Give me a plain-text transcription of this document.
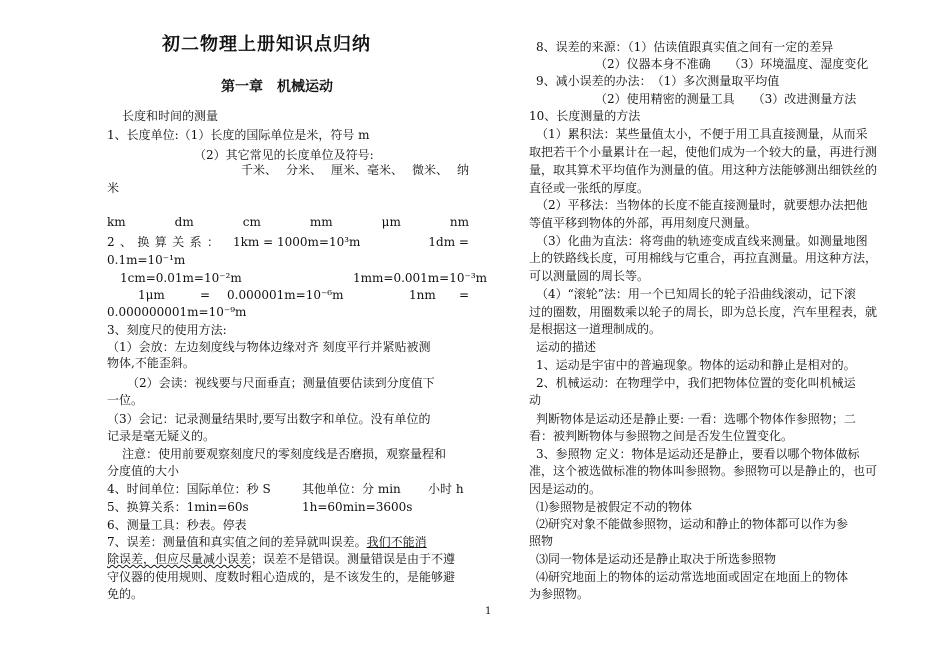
初二物理上册知识点归纳
第一章　机械运动
长度和时间的测量
1、长度单位:（1）长度的国际单位是米，符号 m
（2）其它常见的长度单位及符号:
千米、 分米、 厘米、毫米、 微米、 纳
米
km	dm	cm	mm	μm	nm
2 、 换 算 关 系 ： 1km = 1000m=10³m	1dm =
0.1m=10⁻¹m
1cm=0.01m=10⁻²m	1mm=0.001m=10⁻³m
1μm	= 0.000001m=10⁻⁶m	1nm =
0.000000001m=10⁻⁹m
3、刻度尺的使用方法:
（1）会放：左边刻度线与物体边缘对齐 刻度平行并紧贴被测
物体,不能歪斜。
（2）会读：视线要与尺面垂直；测量值要估读到分度值下
一位。
（3）会记：记录测量结果时,要写出数字和单位。没有单位的
记录是毫无疑义的。
注意：使用前要观察刻度尺的零刻度线是否磨损，观察量程和
分度值的大小
4、时间单位：国际单位：秒 S	其他单位：分 min 小时 h
5、换算关系：1min=60s	1h=60min=3600s
6、测量工具：秒表。停表
7、误差：测量值和真实值之间的差异就叫误差。我们不能消
除误差，但应尽量减小误差；误差不是错误。测量错误是由于不遵
守仪器的使用规则、度数时粗心造成的，是不该发生的，是能够避
免的。
8、误差的来源：（1）估读值跟真实值之间有一定的差异
（2）仪器本身不准确　　（3）环境温度、湿度变化
9、减小误差的办法：　（1）多次测量取平均值
（2）使用精密的测量工具　　（3）改进测量方法
10、长度测量的方法
（1）累积法：某些量值太小，不便于用工具直接测量，从而采
取把若干个小量累计在一起，使他们成为一个较大的量，再进行测
量，取其算术平均值作为测量的值。用这种方法能够测出细铁丝的
直径或一张纸的厚度。
（2）平移法：当物体的长度不能直接测量时，就要想办法把他
等值平移到物体的外部，再用刻度尺测量。
（3）化曲为直法：将弯曲的轨迹变成直线来测量。如测量地图
上的铁路线长度，可用棉线与它重合，再拉直测量。用这种方法，
可以测量圆的周长等。
（4）“滚轮”法：用一个已知周长的轮子沿曲线滚动，记下滚
过的圈数，用圈数乘以轮子的周长，即为总长度，汽车里程表，就
是根据这一道理制成的。
运动的描述
1、运动是宇宙中的普遍现象。物体的运动和静止是相对的。
2、机械运动：在物理学中，我们把物体位置的变化叫机械运
动
判断物体是运动还是静止要: 一看：选哪个物体作参照物；二
看：被判断物体与参照物之间是否发生位置变化。
3、参照物 定义：物体是运动还是静止，要看以哪个物体做标
准，这个被选做标准的物体叫参照物。参照物可以是静止的，也可
因是运动的。
⑴参照物是被假定不动的物体
⑵研究对象不能做参照物，运动和静止的物体都可以作为参
照物
⑶同一物体是运动还是静止取决于所选参照物
⑷研究地面上的物体的运动常选地面或固定在地面上的物体
为参照物。
1
